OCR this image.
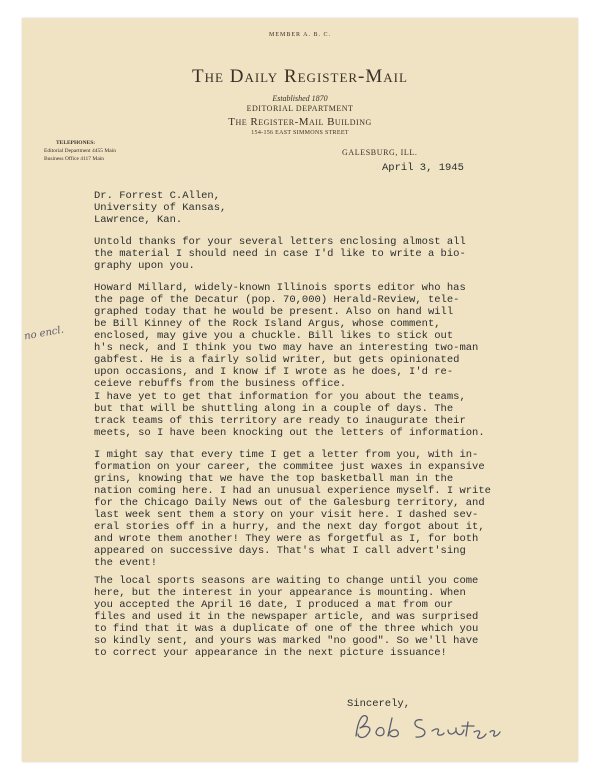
MEMBER A. B. C.
The Daily Register-Mail
Established 1870
EDITORIAL DEPARTMENT
The Register-Mail Building
154-156 EAST SIMMONS STREET
TELEPHONES:
Editorial Department 4455 Main
Business Office 4117 Main
GALESBURG, ILL.
April 3, 1945
Dr. Forrest C.Allen,
University of Kansas,
Lawrence, Kan.
Untold thanks for your several letters enclosing almost all
the material I should need in case I'd like to write a bio-
graphy upon you.
Howard Millard, widely-known Illinois sports editor who has
the page of the Decatur (pop. 70,000) Herald-Review, tele-
graphed today that he would be present. Also on hand will
be Bill Kinney of the Rock Island Argus, whose comment,
enclosed, may give you a chuckle. Bill likes to stick out
h's neck, and I think you two may have an interesting two-man
gabfest. He is a fairly solid writer, but gets opinionated
upon occasions, and I know if I wrote as he does, I'd re-
ceieve rebuffs from the business office.
I have yet to get that information for you about the teams,
but that will be shuttling along in a couple of days. The
track teams of this territory are ready to inaugurate their
meets, so I have been knocking out the letters of information.
I might say that every time I get a letter from you, with in-
formation on your career, the commitee just waxes in expansive
grins, knowing that we have the top basketball man in the
nation coming here. I had an unusual experience myself. I write
for the Chicago Daily News out of the Galesburg territory, and
last week sent them a story on your visit here. I dashed sev-
eral stories off in a hurry, and the next day forgot about it,
and wrote them another! They were as forgetful as I, for both
appeared on successive days. That's what I call advert'sing
the event!
The local sports seasons are waiting to change until you come
here, but the interest in your appearance is mounting. When
you accepted the April 16 date, I produced a mat from our
files and used it in the newspaper article, and was surprised
to find that it was a duplicate of one of the three which you
so kindly sent, and yours was marked "no good". So we'll have
to correct your appearance in the next picture issuance!
Sincerely,
no encl.
